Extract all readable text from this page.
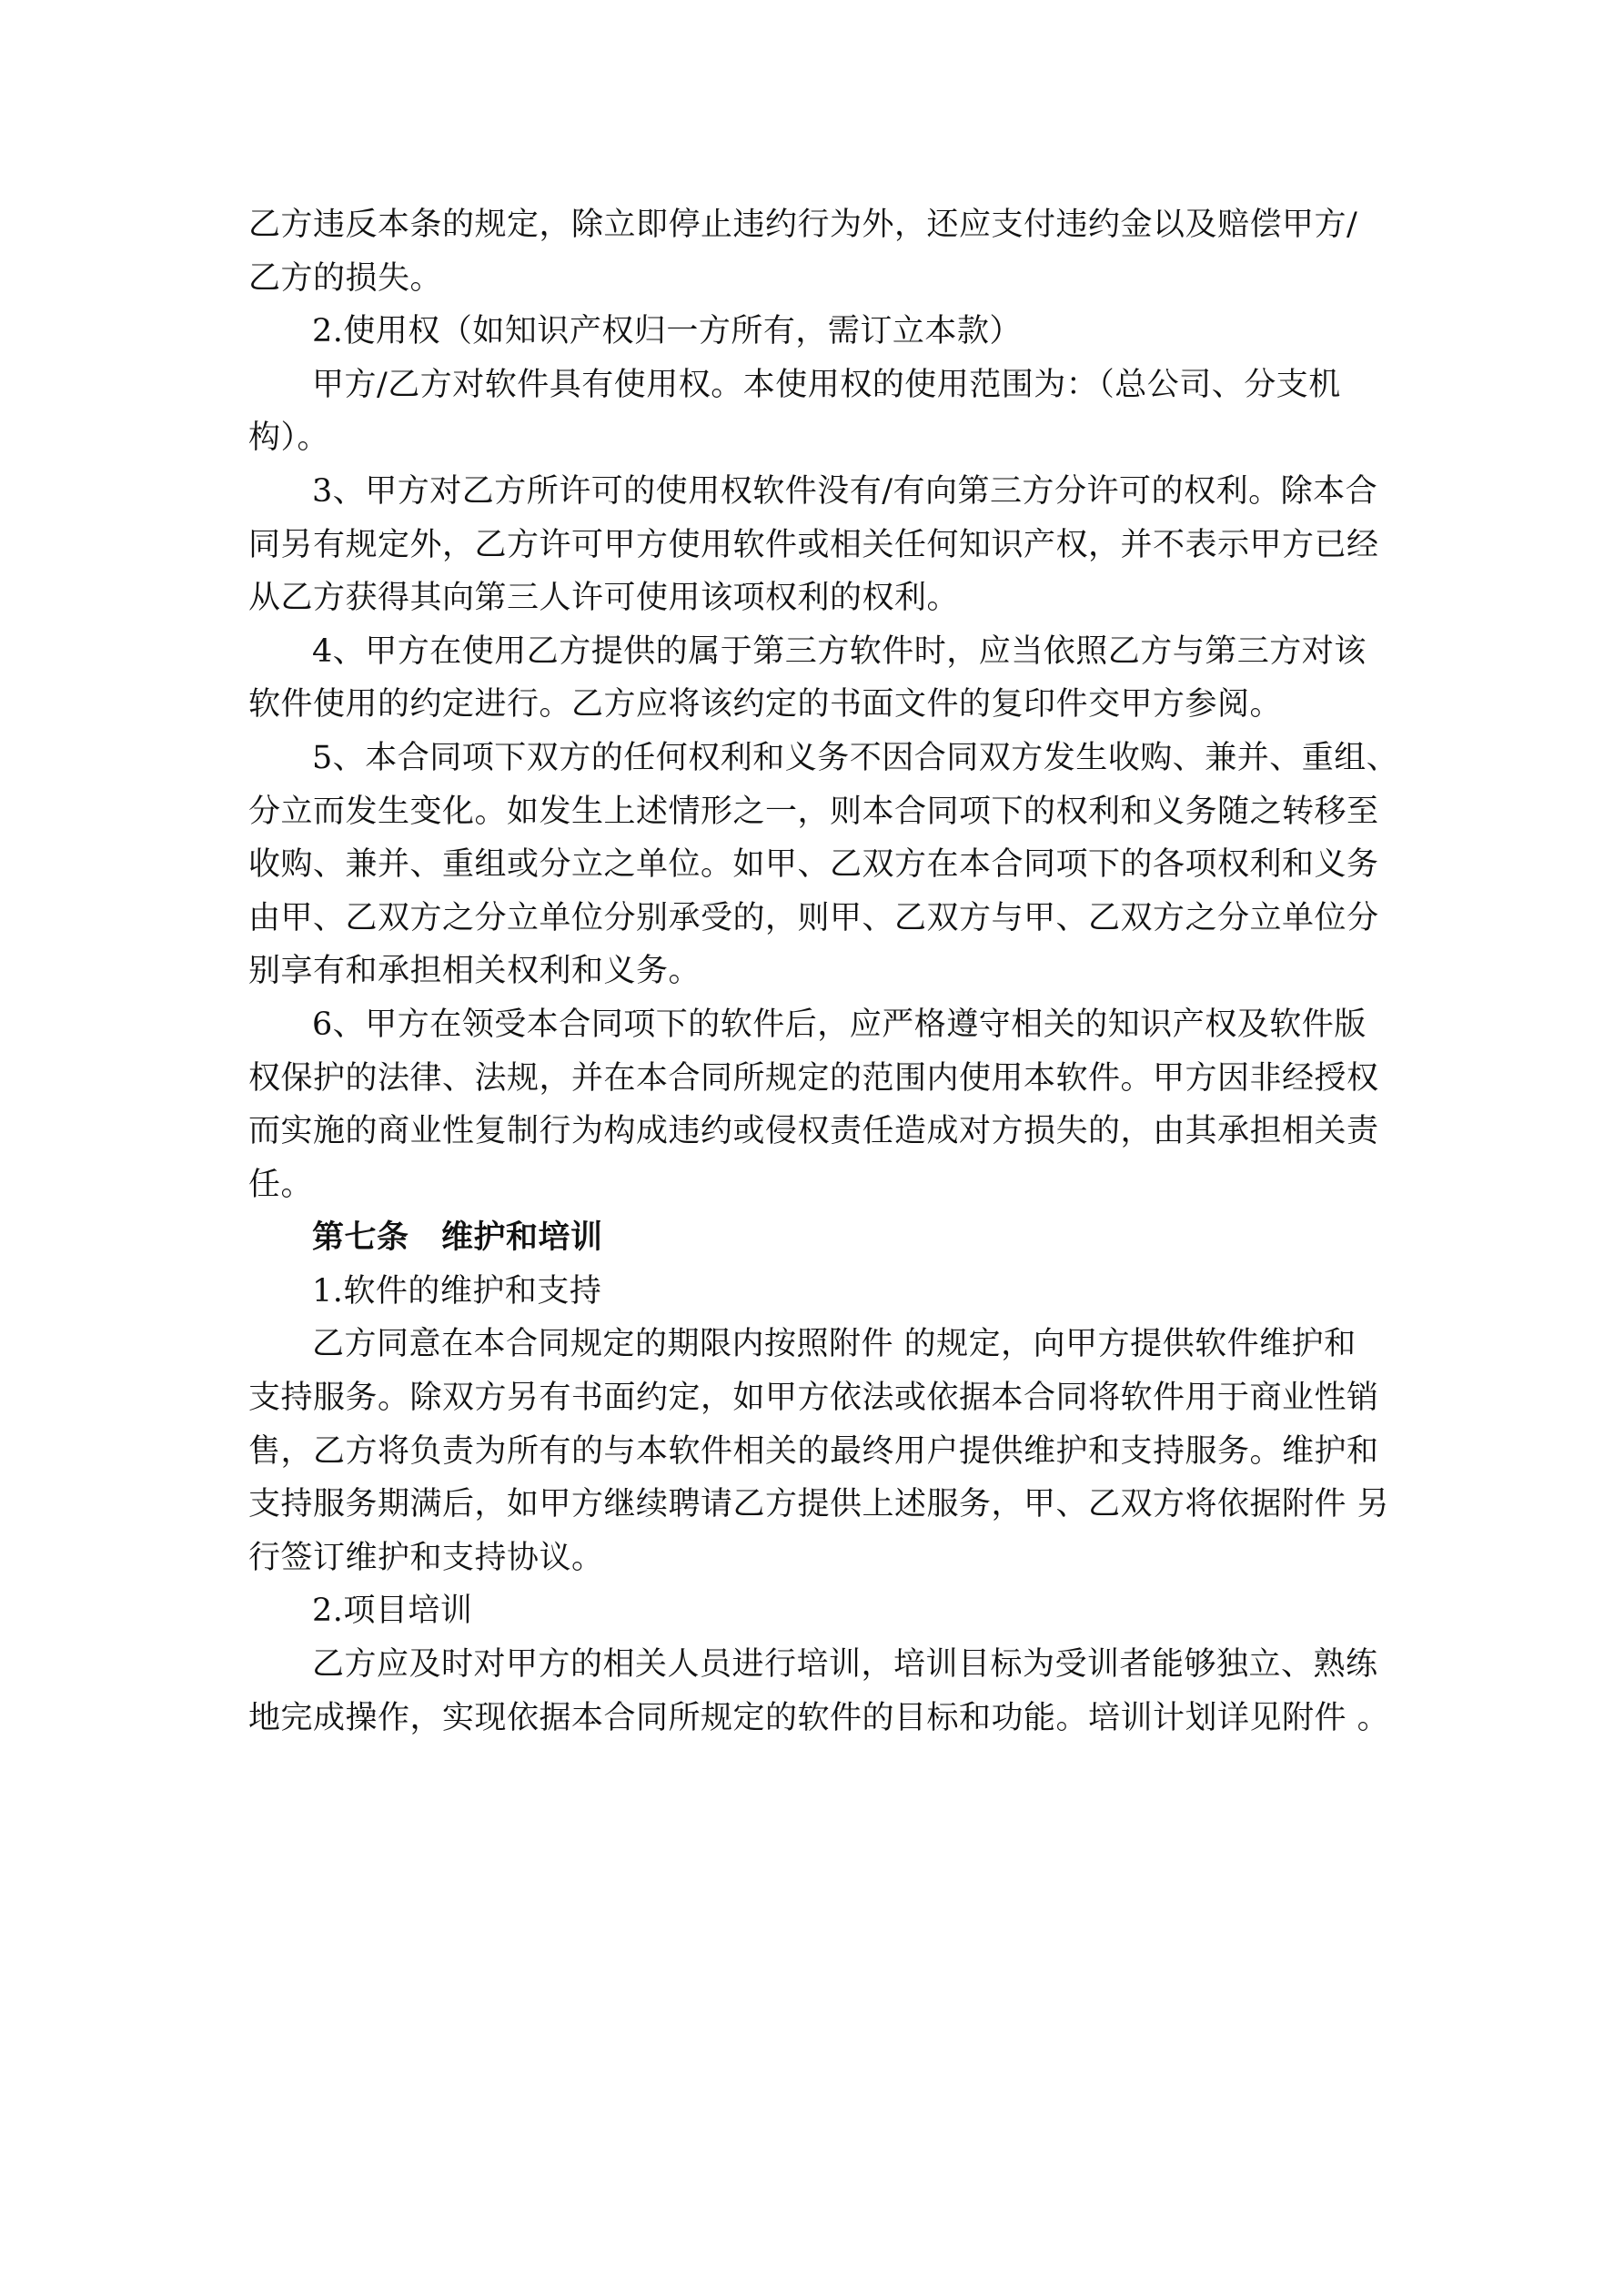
乙方违反本条的规定，除立即停止违约行为外，还应支付违约金以及赔偿甲方/
乙方的损失。

2.使用权（如知识产权归一方所有，需订立本款）

甲方/乙方对软件具有使用权。本使用权的使用范围为：（总公司、分支机
构）。

3、甲方对乙方所许可的使用权软件没有/有向第三方分许可的权利。除本合
同另有规定外，乙方许可甲方使用软件或相关任何知识产权，并不表示甲方已经
从乙方获得其向第三人许可使用该项权利的权利。

4、甲方在使用乙方提供的属于第三方软件时，应当依照乙方与第三方对该
软件使用的约定进行。乙方应将该约定的书面文件的复印件交甲方参阅。

5、本合同项下双方的任何权利和义务不因合同双方发生收购、兼并、重组、
分立而发生变化。如发生上述情形之一，则本合同项下的权利和义务随之转移至
收购、兼并、重组或分立之单位。如甲、乙双方在本合同项下的各项权利和义务
由甲、乙双方之分立单位分别承受的，则甲、乙双方与甲、乙双方之分立单位分
别享有和承担相关权利和义务。

6、甲方在领受本合同项下的软件后，应严格遵守相关的知识产权及软件版
权保护的法律、法规，并在本合同所规定的范围内使用本软件。甲方因非经授权
而实施的商业性复制行为构成违约或侵权责任造成对方损失的，由其承担相关责
任。

第七条　维护和培训

1.软件的维护和支持

乙方同意在本合同规定的期限内按照附件 的规定，向甲方提供软件维护和
支持服务。除双方另有书面约定，如甲方依法或依据本合同将软件用于商业性销
售，乙方将负责为所有的与本软件相关的最终用户提供维护和支持服务。维护和
支持服务期满后，如甲方继续聘请乙方提供上述服务，甲、乙双方将依据附件 另
行签订维护和支持协议。

2.项目培训

乙方应及时对甲方的相关人员进行培训，培训目标为受训者能够独立、熟练
地完成操作，实现依据本合同所规定的软件的目标和功能。培训计划详见附件 。
